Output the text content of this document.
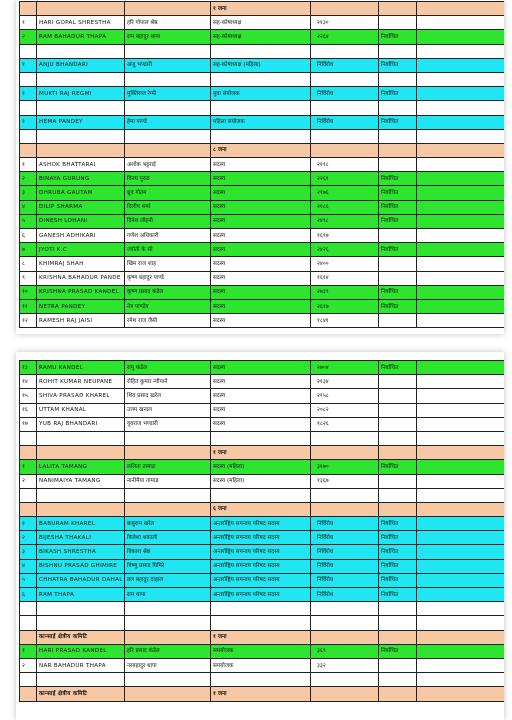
			१ जना			
१	HARI GOPAL SHRESTHA	हरि गोपाल श्रेष्ठ	सह-कोषाध्यक्ष	२१३०		
२	RAM BAHADUR THAPA	राम बहादुर थापा	सह-कोषाध्यक्ष	२२६४	निर्वाचित	

१	ANJU BHANDARI	अंजु भण्डारी	सह-कोषाध्यक्ष (महिला)	निर्विरोध	निर्वाचित	

१	MUKTI RAJ REGMI	मुक्तिराज रेग्मी	युवा संयोजक	निर्विरोध	निर्वाचित	

१	HEMA PANDEY	हेमा पाण्डे	महिला संयोजक	निर्विरोध	निर्वाचित	

			८ जना			
१	ASHOK BHATTARAI	अशोक भट्टराई	सदस्य	२११८		
२	BINAYA GURUNG	विनय गुरुङ	सदस्य	२२६१	निर्वाचित	
३	DHRUBA GAUTAM	ध्रुव गौतम	सदस्य	२१७६	निर्वाचित	
४	DILIP SHARMA	दिलीप शर्मा	सदस्य	२१८६	निर्वाचित	
५	DINESH LOHANI	दिनेश लोहनी	सदस्य	२४९८	निर्वाचित	
६	GANESH ADHIKARI	गणेश अधिकारी	सदस्य	१६९७		
७	JYOTI K.C	ज्योती के सी	सदस्य	२४२६	निर्वाचित	
८	KHIMRAJ SHAH	खिम राज शाह	सदस्य	२४००		
९	KRISHNA BAHADUR PANDE	कृष्ण बहादुर पाण्डे	सदस्य	१६१४		
१०	KRISHNA PRASAD KANDEL	कृष्ण प्रसाद कंडेल	सदस्य	२७३९	निर्वाचित	
११	NETRA PANDEY	नेत्र पाण्डेय	सदस्य	२६१७	निर्वाचित	
१२	RAMESH RAJ JAISI	रमेश राज जैसी	सदस्य	१८४१		
१३	RAMU KANDEL	रामु कंडेल	सदस्य	२७०४	निर्वाचित	
१४	ROHIT KUMAR NEUPANE	रोहित कुमार न्यौपाने	सदस्य	२१३४		
१५	SHIVA PRASAD KHAREL	शिव प्रसाद खरेल	सदस्य	२१५८		
१६	UTTAM KHANAL	उत्तम खनाल	सदस्य	२०८२		
१७	YUB RAJ BHANDARI	युवराज भण्डारी	सदस्य	१८२६		

			१ जना			
१	LALITA TAMANG	ललिता तामाङ	सदस्य (महिला)	३१७०	निर्वाचित	
२	NANIMAIYA TAMANG	नानीमैया तामाङ	सदस्य (महिला)	१३६७		

			६ जना			
१	BABURAM KHAREL	बाबुराम खरेल	अन्तर्राष्ट्रिय समन्वय परिषद सदस्य	निर्विरोध	निर्वाचित	
२	BIJESHA THAKALI	बिजेशा थकाली	अन्तर्राष्ट्रिय समन्वय परिषद सदस्य	निर्विरोध	निर्वाचित	
३	BIKASH SHRESTHA	विकाश श्रेष्ठ	अन्तर्राष्ट्रिय समन्वय परिषद सदस्य	निर्विरोध	निर्वाचित	
४	BISHNU PRASAD GHIMIRE	विष्णु प्रसाद घिमिरे	अन्तर्राष्ट्रिय समन्वय परिषद सदस्य	निर्विरोध	निर्वाचित	
५	CHHATRA BAHADUR DAHAL	छत्र बहादुर दाहाल	अन्तर्राष्ट्रिय समन्वय परिषद सदस्य	निर्विरोध	निर्वाचित	
६	RAM THAPA	राम थापा	अन्तर्राष्ट्रिय समन्वय परिषद सदस्य	निर्विरोध	निर्वाचित	

	कान्साई क्षेत्रीय कमिटि		१ जना			
१	HARI PRASAD KANDEL	हरि प्रसाद कंडेल	समयोजक	३६९	निर्वाचित	
२	NAR BAHADUR THAPA	नरबहादुर थापा	समयोजक	३३२		

	कान्साई क्षेत्रीय कमिटि		१ जना			
